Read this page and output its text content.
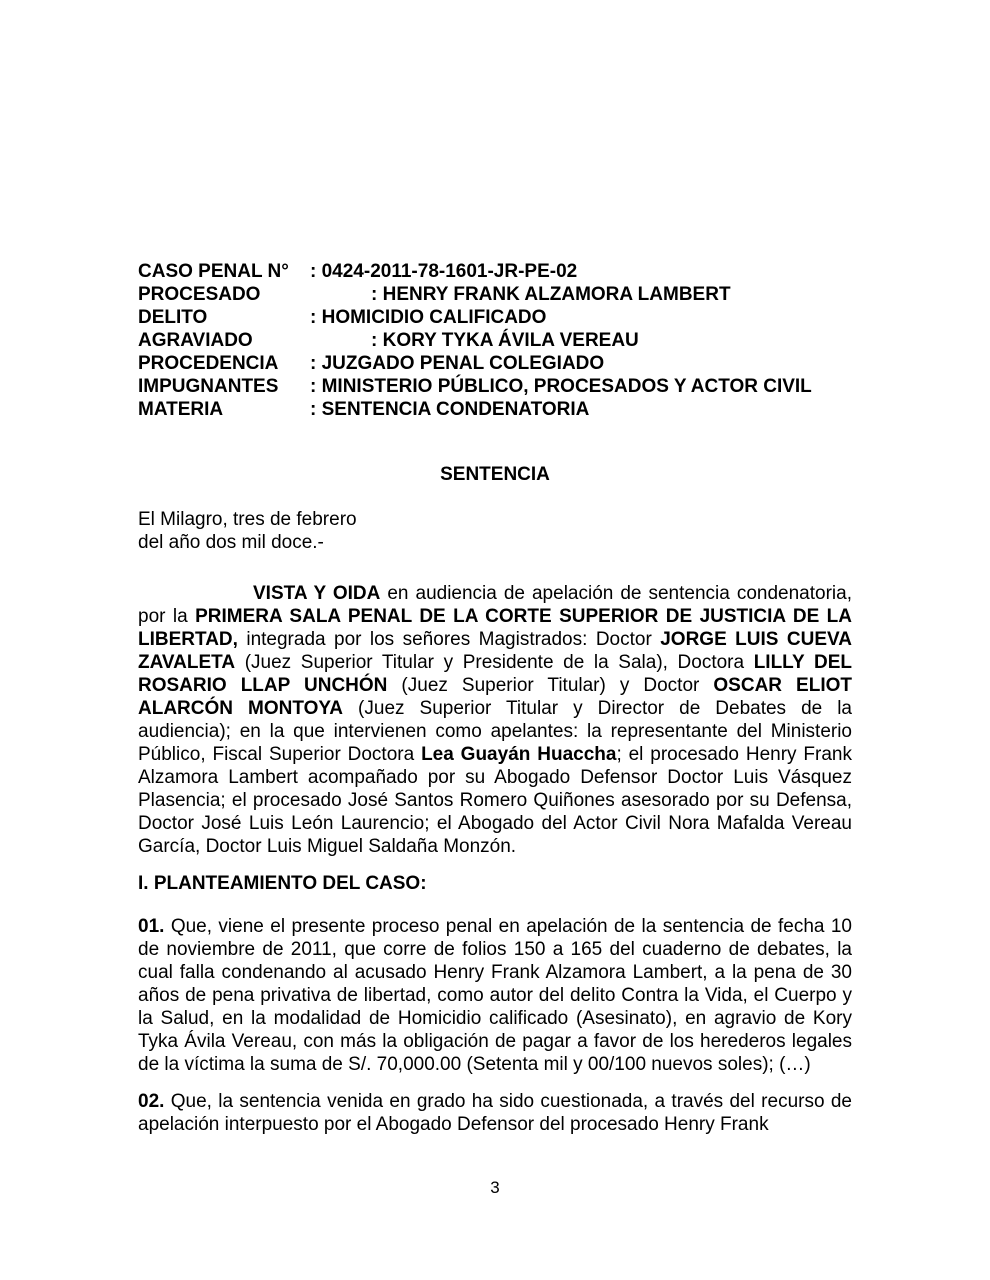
CASO PENAL N°	: 0424-2011-78-1601-JR-PE-02
PROCESADO	: HENRY FRANK ALZAMORA LAMBERT
DELITO	: HOMICIDIO CALIFICADO
AGRAVIADO	: KORY TYKA ÁVILA VEREAU
PROCEDENCIA	: JUZGADO PENAL COLEGIADO
IMPUGNANTES	: MINISTERIO PÚBLICO, PROCESADOS Y ACTOR CIVIL
MATERIA	: SENTENCIA CONDENATORIA
SENTENCIA
El Milagro, tres de febrero
del año dos mil doce.-
VISTA Y OIDA en audiencia de apelación de sentencia condenatoria, por la PRIMERA SALA PENAL DE LA CORTE SUPERIOR DE JUSTICIA DE LA LIBERTAD, integrada por los señores Magistrados: Doctor JORGE LUIS CUEVA ZAVALETA (Juez Superior Titular y Presidente de la Sala), Doctora LILLY DEL ROSARIO LLAP UNCHÓN (Juez Superior Titular) y Doctor OSCAR ELIOT ALARCÓN MONTOYA (Juez Superior Titular y Director de Debates de la audiencia); en la que intervienen como apelantes: la representante del Ministerio Público, Fiscal Superior Doctora Lea Guayán Huaccha; el procesado Henry Frank Alzamora Lambert acompañado por su Abogado Defensor Doctor Luis Vásquez Plasencia; el procesado José Santos Romero Quiñones asesorado por su Defensa, Doctor José Luis León Laurencio; el Abogado del Actor Civil Nora Mafalda Vereau García, Doctor Luis Miguel Saldaña Monzón.
I. PLANTEAMIENTO DEL CASO:
01. Que, viene el presente proceso penal en apelación de la sentencia de fecha 10 de noviembre de 2011, que corre de folios 150 a 165 del cuaderno de debates, la cual falla condenando al acusado Henry Frank Alzamora Lambert, a la pena de 30 años de pena privativa de libertad, como autor del delito Contra la Vida, el Cuerpo y la Salud, en la modalidad de Homicidio calificado (Asesinato), en agravio de Kory Tyka Ávila Vereau, con más la obligación de pagar a favor de los herederos legales de la víctima la suma de S/. 70,000.00 (Setenta mil y 00/100 nuevos soles); (…)
02. Que, la sentencia venida en grado ha sido cuestionada, a través del recurso de apelación interpuesto por el Abogado Defensor del procesado Henry Frank
3
